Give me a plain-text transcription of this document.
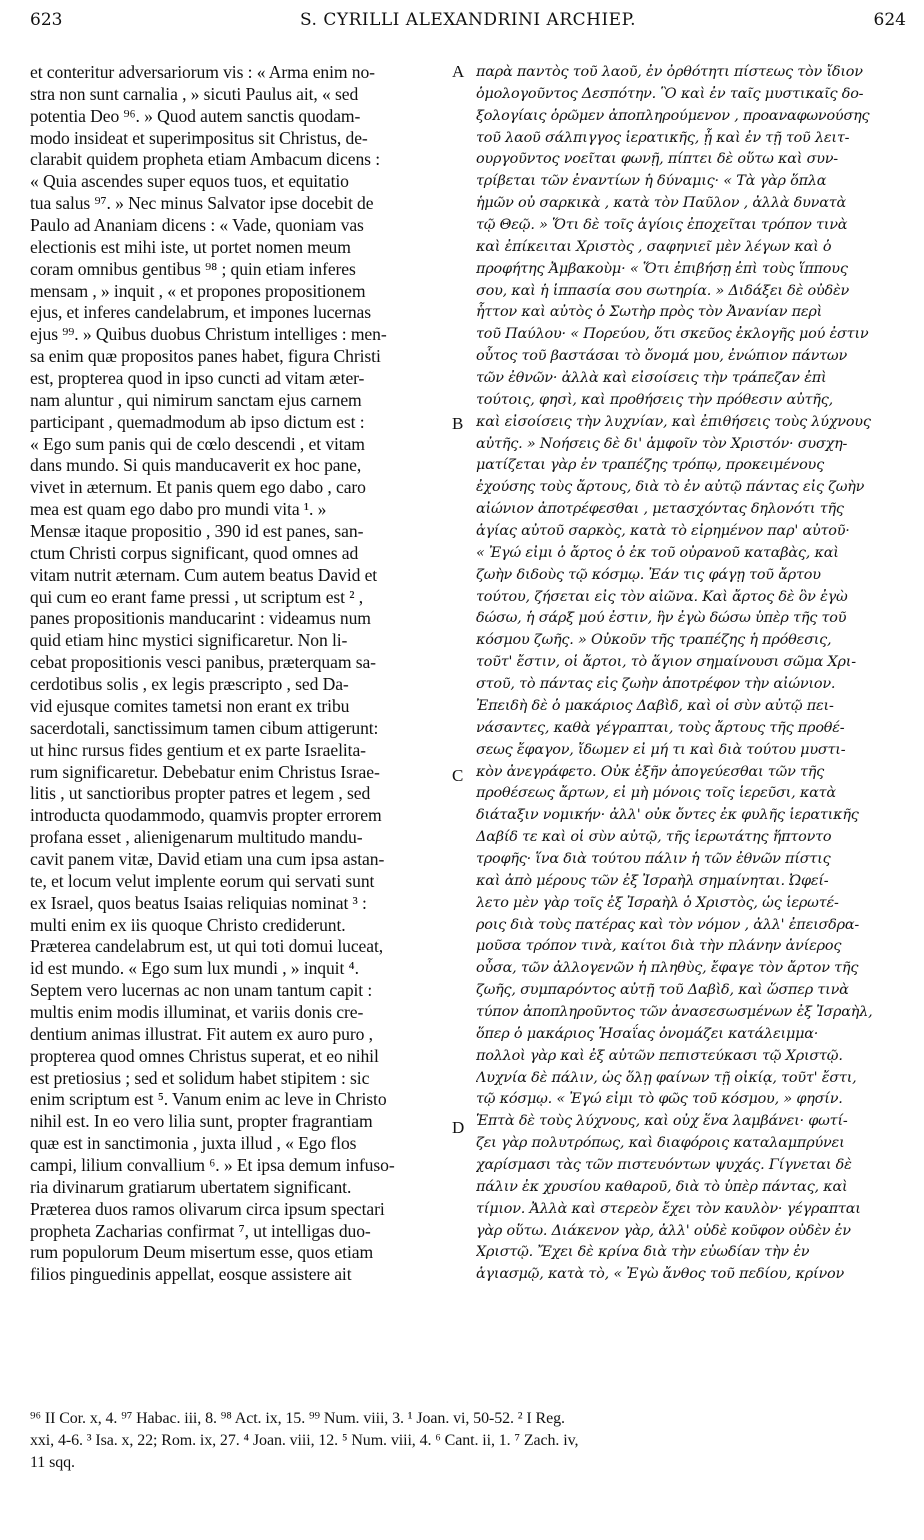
623	S. CYRILLI ALEXANDRINI ARCHIEP.	624
et conteritur adversariorum vis : « Arma enim no-
stra non sunt carnalia , » sicuti Paulus ait, « sed
potentia Deo ⁹⁶. » Quod autem sanctis quodam-
modo insideat et superimpositus sit Christus, de-
clarabit quidem propheta etiam Ambacum dicens :
« Quia ascendes super equos tuos, et equitatio
tua salus ⁹⁷. » Nec minus Salvator ipse docebit de
Paulo ad Ananiam dicens : « Vade, quoniam vas
electionis est mihi iste, ut portet nomen meum
coram omnibus gentibus ⁹⁸ ; quin etiam inferes
mensam , » inquit , « et propones propositionem
ejus, et inferes candelabrum, et impones lucernas
ejus ⁹⁹. » Quibus duobus Christum intelliges : men-
sa enim quæ propositos panes habet, figura Christi
est, propterea quod in ipso cuncti ad vitam æter-
nam aluntur , qui nimirum sanctam ejus carnem
participant , quemadmodum ab ipso dictum est :
« Ego sum panis qui de cœlo descendi , et vitam
dans mundo. Si quis manducaverit ex hoc pane,
vivet in æternum. Et panis quem ego dabo , caro
mea est quam ego dabo pro mundi vita ¹. »
Mensæ itaque propositio , 390 id est panes, san-
ctum Christi corpus significant, quod omnes ad
vitam nutrit æternam. Cum autem beatus David et
qui cum eo erant fame pressi , ut scriptum est ² ,
panes propositionis manducarint : videamus num
quid etiam hinc mystici significaretur. Non li-
cebat propositionis vesci panibus, præterquam sa-
cerdotibus solis , ex legis præscripto , sed Da-
vid ejusque comites tametsi non erant ex tribu
sacerdotali, sanctissimum tamen cibum attigerunt:
ut hinc rursus fides gentium et ex parte Israelita-
rum significaretur. Debebatur enim Christus Israe-
litis , ut sanctioribus propter patres et legem , sed
introducta quodammodo, quamvis propter errorem
profana esset , alienigenarum multitudo mandu-
cavit panem vitæ, David etiam una cum ipsa astan-
te, et locum velut implente eorum qui servati sunt
ex Israel, quos beatus Isaias reliquias nominat ³ :
multi enim ex iis quoque Christo crediderunt.
Præterea candelabrum est, ut qui toti domui luceat,
id est mundo. « Ego sum lux mundi , » inquit ⁴.
Septem vero lucernas ac non unam tantum capit :
multis enim modis illuminat, et variis donis cre-
dentium animas illustrat. Fit autem ex auro puro ,
propterea quod omnes Christus superat, et eo nihil
est pretiosius ; sed et solidum habet stipitem : sic
enim scriptum est ⁵. Vanum enim ac leve in Christo
nihil est. In eo vero lilia sunt, propter fragrantiam
quæ est in sanctimonia , juxta illud , « Ego flos
campi, lilium convallium ⁶. » Et ipsa demum infuso-
ria divinarum gratiarum ubertatem significant.
Præterea duos ramos olivarum circa ipsum spectari
propheta Zacharias confirmat ⁷, ut intelligas duo-
rum populorum Deum misertum esse, quos etiam
filios pinguedinis appellat, eosque assistere ait
A
B
C
D
παρὰ παντὸς τοῦ λαοῦ, ἐν ὀρθότητι πίστεως τὸν ἴδιον
ὁμολογοῦντος Δεσπότην. Ὃ καὶ ἐν ταῖς μυστικαῖς δο-
ξολογίαις ὁρῶμεν ἀποπληρούμενον , προαναφωνούσης
τοῦ λαοῦ σάλπιγγος ἱερατικῆς, ᾗ καὶ ἐν τῇ τοῦ λειτ-
ουργοῦντος νοεῖται φωνῇ, πίπτει δὲ οὕτω καὶ συν-
τρίβεται τῶν ἐναντίων ἡ δύναμις· « Τὰ γὰρ ὅπλα
ἡμῶν οὐ σαρκικὰ , κατὰ τὸν Παῦλον , ἀλλὰ δυνατὰ
τῷ Θεῷ. » Ὅτι δὲ τοῖς ἁγίοις ἐποχεῖται τρόπον τινὰ
καὶ ἐπίκειται Χριστὸς , σαφηνιεῖ μὲν λέγων καὶ ὁ
προφήτης Ἀμβακοὺμ· « Ὅτι ἐπιβήσῃ ἐπὶ τοὺς ἵππους
σου, καὶ ἡ ἱππασία σου σωτηρία. » Διδάξει δὲ οὐδὲν
ἧττον καὶ αὐτὸς ὁ Σωτὴρ πρὸς τὸν Ἀνανίαν περὶ
τοῦ Παύλου· « Πορεύου, ὅτι σκεῦος ἐκλογῆς μού ἐστιν
οὗτος τοῦ βαστάσαι τὸ ὄνομά μου, ἐνώπιον πάντων
τῶν ἐθνῶν· ἀλλὰ καὶ εἰσοίσεις τὴν τράπεζαν ἐπὶ
τούτοις, φησὶ, καὶ προθήσεις τὴν πρόθεσιν αὐτῆς,
καὶ εἰσοίσεις τὴν λυχνίαν, καὶ ἐπιθήσεις τοὺς λύχνους
αὐτῆς. » Νοήσεις δὲ δι' ἀμφοῖν τὸν Χριστόν· συσχη-
ματίζεται γὰρ ἐν τραπέζης τρόπῳ, προκειμένους
ἐχούσης τοὺς ἄρτους, διὰ τὸ ἐν αὐτῷ πάντας εἰς ζωὴν
αἰώνιον ἀποτρέφεσθαι , μετασχόντας δηλονότι τῆς
ἁγίας αὐτοῦ σαρκὸς, κατὰ τὸ εἰρημένον παρ' αὐτοῦ·
« Ἐγώ εἰμι ὁ ἄρτος ὁ ἐκ τοῦ οὐρανοῦ καταβὰς, καὶ
ζωὴν διδοὺς τῷ κόσμῳ. Ἐάν τις φάγῃ τοῦ ἄρτου
τούτου, ζήσεται εἰς τὸν αἰῶνα. Καὶ ἄρτος δὲ ὃν ἐγὼ
δώσω, ἡ σάρξ μού ἐστιν, ἣν ἐγὼ δώσω ὑπὲρ τῆς τοῦ
κόσμου ζωῆς. » Οὐκοῦν τῆς τραπέζης ἡ πρόθεσις,
τοῦτ' ἔστιν, οἱ ἄρτοι, τὸ ἅγιον σημαίνουσι σῶμα Χρι-
στοῦ, τὸ πάντας εἰς ζωὴν ἀποτρέφον τὴν αἰώνιον.
Ἐπειδὴ δὲ ὁ μακάριος Δαβὶδ, καὶ οἱ σὺν αὐτῷ πει-
νάσαντες, καθὰ γέγραπται, τοὺς ἄρτους τῆς προθέ-
σεως ἔφαγον, ἴδωμεν εἰ μή τι καὶ διὰ τούτου μυστι-
κὸν ἀνεγράφετο. Οὐκ ἐξῆν ἀπογεύεσθαι τῶν τῆς
προθέσεως ἄρτων, εἰ μὴ μόνοις τοῖς ἱερεῦσι, κατὰ
διάταξιν νομικήν· ἀλλ' οὐκ ὄντες ἐκ φυλῆς ἱερατικῆς
Δαβίδ τε καὶ οἱ σὺν αὐτῷ, τῆς ἱερωτάτης ἥπτοντο
τροφῆς· ἵνα διὰ τούτου πάλιν ἡ τῶν ἐθνῶν πίστις
καὶ ἀπὸ μέρους τῶν ἐξ Ἰσραὴλ σημαίνηται. Ὠφεί-
λετο μὲν γὰρ τοῖς ἐξ Ἰσραὴλ ὁ Χριστὸς, ὡς ἱερωτέ-
ροις διὰ τοὺς πατέρας καὶ τὸν νόμον , ἀλλ' ἐπεισδρα-
μοῦσα τρόπον τινὰ, καίτοι διὰ τὴν πλάνην ἀνίερος
οὖσα, τῶν ἀλλογενῶν ἡ πληθὺς, ἔφαγε τὸν ἄρτον τῆς
ζωῆς, συμπαρόντος αὐτῇ τοῦ Δαβὶδ, καὶ ὥσπερ τινὰ
τύπον ἀποπληροῦντος τῶν ἀνασεσωσμένων ἐξ Ἰσραὴλ,
ὅπερ ὁ μακάριος Ἡσαΐας ὀνομάζει κατάλειμμα·
πολλοὶ γὰρ καὶ ἐξ αὐτῶν πεπιστεύκασι τῷ Χριστῷ.
Λυχνία δὲ πάλιν, ὡς ὅλῃ φαίνων τῇ οἰκίᾳ, τοῦτ' ἔστι,
τῷ κόσμῳ. « Ἐγώ εἰμι τὸ φῶς τοῦ κόσμου, » φησίν.
Ἑπτὰ δὲ τοὺς λύχνους, καὶ οὐχ ἕνα λαμβάνει· φωτί-
ζει γὰρ πολυτρόπως, καὶ διαφόροις καταλαμπρύνει
χαρίσμασι τὰς τῶν πιστευόντων ψυχάς. Γίγνεται δὲ
πάλιν ἐκ χρυσίου καθαροῦ, διὰ τὸ ὑπὲρ πάντας, καὶ
τίμιον. Ἀλλὰ καὶ στερεὸν ἔχει τὸν καυλὸν· γέγραπται
γὰρ οὕτω. Διάκενον γὰρ, ἀλλ' οὐδὲ κοῦφον οὐδὲν ἐν
Χριστῷ. Ἔχει δὲ κρίνα διὰ τὴν εὐωδίαν τὴν ἐν
ἁγιασμῷ, κατὰ τὸ, « Ἐγὼ ἄνθος τοῦ πεδίου, κρίνον
⁹⁶ II Cor. x, 4. ⁹⁷ Habac. iii, 8. ⁹⁸ Act. ix, 15. ⁹⁹ Num. viii, 3. ¹ Joan. vi, 50-52. ² I Reg.
xxi, 4-6. ³ Isa. x, 22; Rom. ix, 27. ⁴ Joan. viii, 12. ⁵ Num. viii, 4. ⁶ Cant. ii, 1. ⁷ Zach. iv,
11 sqq.
